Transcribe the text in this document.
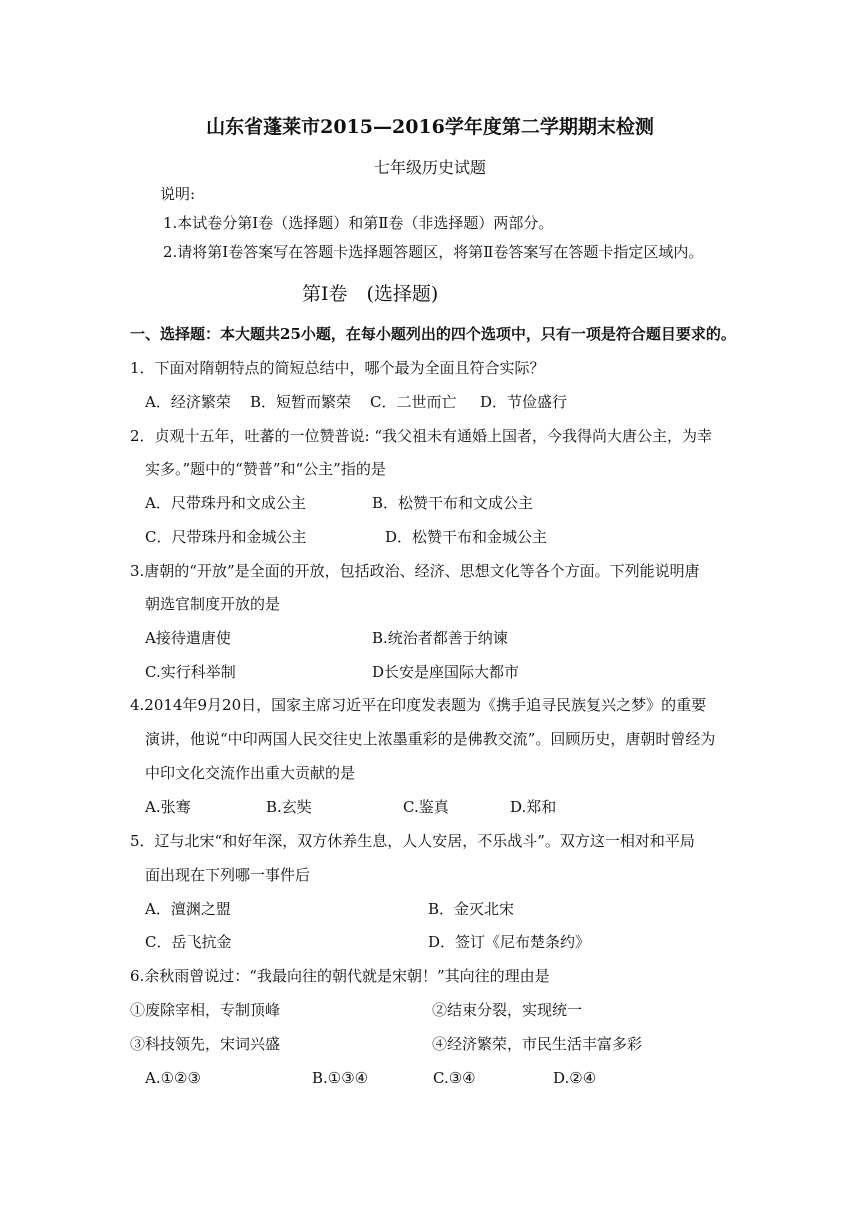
山东省蓬莱市2015—2016学年度第二学期期末检测
七年级历史试题
说明:
1.本试卷分第Ⅰ卷（选择题）和第Ⅱ卷（非选择题）两部分。
2.请将第Ⅰ卷答案写在答题卡选择题答题区，将第Ⅱ卷答案写在答题卡指定区域内。
第Ⅰ卷　(选择题)
一、选择题：本大题共25小题，在每小题列出的四个选项中，只有一项是符合题目要求的。
1．下面对隋朝特点的简短总结中，哪个最为全面且符合实际？
A．经济繁荣 B．短暂而繁荣 C．二世而亡 D．节俭盛行
2．贞观十五年，吐蕃的一位赞普说: “我父祖未有通婚上国者，今我得尚大唐公主，为幸
实多。”题中的“赞普”和“公主”指的是
A．尺带珠丹和文成公主	B．松赞干布和文成公主
C．尺带珠丹和金城公主	D．松赞干布和金城公主
3.唐朝的“开放”是全面的开放，包括政治、经济、思想文化等各个方面。下列能说明唐
朝选官制度开放的是
A接待遣唐使	B.统治者都善于纳谏
C.实行科举制	D长安是座国际大都市
4.2014年9月20日，国家主席习近平在印度发表题为《携手追寻民族复兴之梦》的重要
演讲，他说“中印两国人民交往史上浓墨重彩的是佛教交流”。回顾历史，唐朝时曾经为
中印文化交流作出重大贡献的是
A.张骞	B.玄奘	C.鉴真	D.郑和
5．辽与北宋“和好年深，双方休养生息，人人安居，不乐战斗”。双方这一相对和平局
面出现在下列哪一事件后
A．澶渊之盟	B．金灭北宋
C．岳飞抗金	D．签订《尼布楚条约》
6.余秋雨曾说过：“我最向往的朝代就是宋朝！”其向往的理由是
①废除宰相，专制顶峰	②结束分裂，实现统一
③科技领先，宋词兴盛	④经济繁荣，市民生活丰富多彩
A.①②③	B.①③④	C.③④	D.②④
